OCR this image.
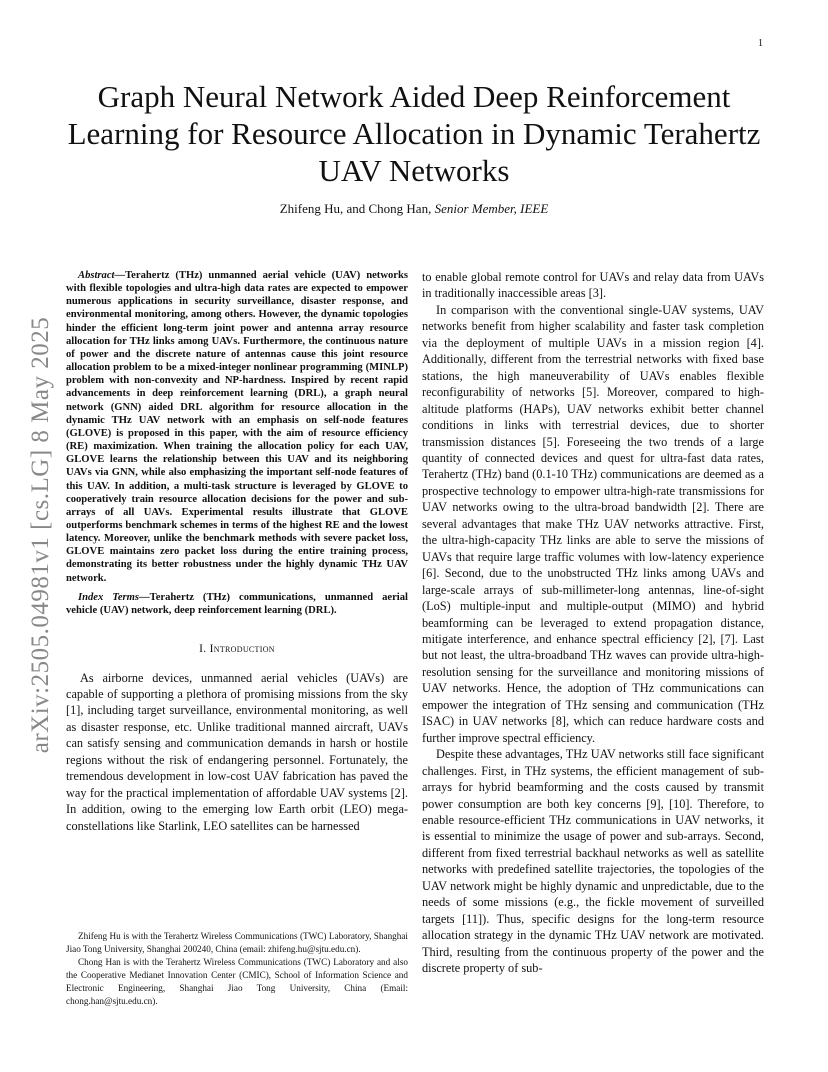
1
arXiv:2505.04981v1 [cs.LG] 8 May 2025
Graph Neural Network Aided Deep Reinforcement Learning for Resource Allocation in Dynamic Terahertz UAV Networks
Zhifeng Hu, and Chong Han, Senior Member, IEEE

Abstract—Terahertz (THz) unmanned aerial vehicle (UAV) networks with flexible topologies and ultra-high data rates are expected to empower numerous applications in security surveillance, disaster response, and environmental monitoring, among others. However, the dynamic topologies hinder the efficient long-term joint power and antenna array resource allocation for THz links among UAVs. Furthermore, the continuous nature of power and the discrete nature of antennas cause this joint resource allocation problem to be a mixed-integer nonlinear programming (MINLP) problem with non-convexity and NP-hardness. Inspired by recent rapid advancements in deep reinforcement learning (DRL), a graph neural network (GNN) aided DRL algorithm for resource allocation in the dynamic THz UAV network with an emphasis on self-node features (GLOVE) is proposed in this paper, with the aim of resource efficiency (RE) maximization. When training the allocation policy for each UAV, GLOVE learns the relationship between this UAV and its neighboring UAVs via GNN, while also emphasizing the important self-node features of this UAV. In addition, a multi-task structure is leveraged by GLOVE to cooperatively train resource allocation decisions for the power and sub-arrays of all UAVs. Experimental results illustrate that GLOVE outperforms benchmark schemes in terms of the highest RE and the lowest latency. Moreover, unlike the benchmark methods with severe packet loss, GLOVE maintains zero packet loss during the entire training process, demonstrating its better robustness under the highly dynamic THz UAV network.

Index Terms—Terahertz (THz) communications, unmanned aerial vehicle (UAV) network, deep reinforcement learning (DRL).

I. Introduction

As airborne devices, unmanned aerial vehicles (UAVs) are capable of supporting a plethora of promising missions from the sky [1], including target surveillance, environmental monitoring, as well as disaster response, etc. Unlike traditional manned aircraft, UAVs can satisfy sensing and communication demands in harsh or hostile regions without the risk of endangering personnel. Fortunately, the tremendous development in low-cost UAV fabrication has paved the way for the practical implementation of affordable UAV systems [2]. In addition, owing to the emerging low Earth orbit (LEO) mega-constellations like Starlink, LEO satellites can be harnessed

Zhifeng Hu is with the Terahertz Wireless Communications (TWC) Laboratory, Shanghai Jiao Tong University, Shanghai 200240, China (email: zhifeng.hu@sjtu.edu.cn).

Chong Han is with the Terahertz Wireless Communications (TWC) Laboratory and also the Cooperative Medianet Innovation Center (CMIC), School of Information Science and Electronic Engineering, Shanghai Jiao Tong University, China (Email: chong.han@sjtu.edu.cn).

to enable global remote control for UAVs and relay data from UAVs in traditionally inaccessible areas [3].

In comparison with the conventional single-UAV systems, UAV networks benefit from higher scalability and faster task completion via the deployment of multiple UAVs in a mission region [4]. Additionally, different from the terrestrial networks with fixed base stations, the high maneuverability of UAVs enables flexible reconfigurability of networks [5]. Moreover, compared to high-altitude platforms (HAPs), UAV networks exhibit better channel conditions in links with terrestrial devices, due to shorter transmission distances [5]. Foreseeing the two trends of a large quantity of connected devices and quest for ultra-fast data rates, Terahertz (THz) band (0.1-10 THz) communications are deemed as a prospective technology to empower ultra-high-rate transmissions for UAV networks owing to the ultra-broad bandwidth [2]. There are several advantages that make THz UAV networks attractive. First, the ultra-high-capacity THz links are able to serve the missions of UAVs that require large traffic volumes with low-latency experience [6]. Second, due to the unobstructed THz links among UAVs and large-scale arrays of sub-millimeter-long antennas, line-of-sight (LoS) multiple-input and multiple-output (MIMO) and hybrid beamforming can be leveraged to extend propagation distance, mitigate interference, and enhance spectral efficiency [2], [7]. Last but not least, the ultra-broadband THz waves can provide ultra-high-resolution sensing for the surveillance and monitoring missions of UAV networks. Hence, the adoption of THz communications can empower the integration of THz sensing and communication (THz ISAC) in UAV networks [8], which can reduce hardware costs and further improve spectral efficiency.

Despite these advantages, THz UAV networks still face significant challenges. First, in THz systems, the efficient management of sub-arrays for hybrid beamforming and the costs caused by transmit power consumption are both key concerns [9], [10]. Therefore, to enable resource-efficient THz communications in UAV networks, it is essential to minimize the usage of power and sub-arrays. Second, different from fixed terrestrial backhaul networks as well as satellite networks with predefined satellite trajectories, the topologies of the UAV network might be highly dynamic and unpredictable, due to the needs of some missions (e.g., the fickle movement of surveilled targets [11]). Thus, specific designs for the long-term resource allocation strategy in the dynamic THz UAV network are motivated. Third, resulting from the continuous property of the power and the discrete property of sub-
